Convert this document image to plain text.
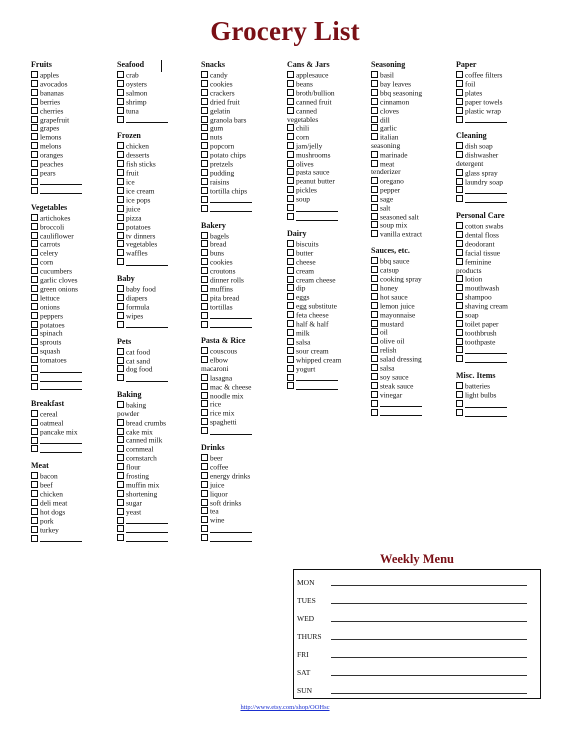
Grocery List
Fruits
apples
avocados
bananas
berries
cherries
grapefruit
grapes
lemons
melons
oranges
peaches
pears
Vegetables
artichokes
broccoli
cauliflower
carrots
celery
corn
cucumbers
garlic cloves
green onions
lettuce
onions
peppers
potatoes
spinach
sprouts
squash
tomatoes
Breakfast
cereal
oatmeal
pancake mix
Meat
bacon
beef
chicken
deli meat
hot dogs
pork
turkey
Seafood
crab
oysters
salmon
shrimp
tuna
Frozen
chicken
desserts
fish sticks
fruit
ice
ice cream
ice pops
juice
pizza
potatoes
tv dinners
vegetables
waffles
Baby
baby food
diapers
formula
wipes
Pets
cat food
cat sand
dog food
Baking
baking
powder
bread crumbs
cake mix
canned milk
cornmeal
cornstarch
flour
frosting
muffin mix
shortening
sugar
yeast
Snacks
candy
cookies
crackers
dried fruit
gelatin
granola bars
gum
nuts
popcorn
potato chips
pretzels
pudding
raisins
tortilla chips
Bakery
bagels
bread
buns
cookies
croutons
dinner rolls
muffins
pita bread
tortillas
Pasta & Rice
couscous
elbow
macaroni
lasagna
mac & cheese
noodle mix
rice
rice mix
spaghetti
Drinks
beer
coffee
energy drinks
juice
liquor
soft drinks
tea
wine
Cans & Jars
applesauce
beans
broth/bullion
canned fruit
canned
vegetables
chili
corn
jam/jelly
mushrooms
olives
pasta sauce
peanut butter
pickles
soup
Dairy
biscuits
butter
cheese
cream
cream cheese
dip
eggs
egg substitute
feta cheese
half & half
milk
salsa
sour cream
whipped cream
yogurt
Seasoning
basil
bay leaves
bbq seasoning
cinnamon
cloves
dill
garlic
italian
seasoning
marinade
meat
tenderizer
oregano
pepper
sage
salt
seasoned salt
soup mix
vanilla extract
Sauces, etc.
bbq sauce
catsup
cooking spray
honey
hot sauce
lemon juice
mayonnaise
mustard
oil
olive oil
relish
salad dressing
salsa
soy sauce
steak sauce
vinegar
Paper
coffee filters
foil
plates
paper towels
plastic wrap
Cleaning
dish soap
dishwasher
detergent
glass spray
laundry soap
Personal Care
cotton swabs
dental floss
deodorant
facial tissue
feminine
products
lotion
mouthwash
shampoo
shaving cream
soap
toilet paper
toothbrush
toothpaste
Misc. Items
batteries
light bulbs
Weekly Menu
MON
TUES
WED
THURS
FRI
SAT
SUN
http://www.etsy.com/shop/OOHsc
